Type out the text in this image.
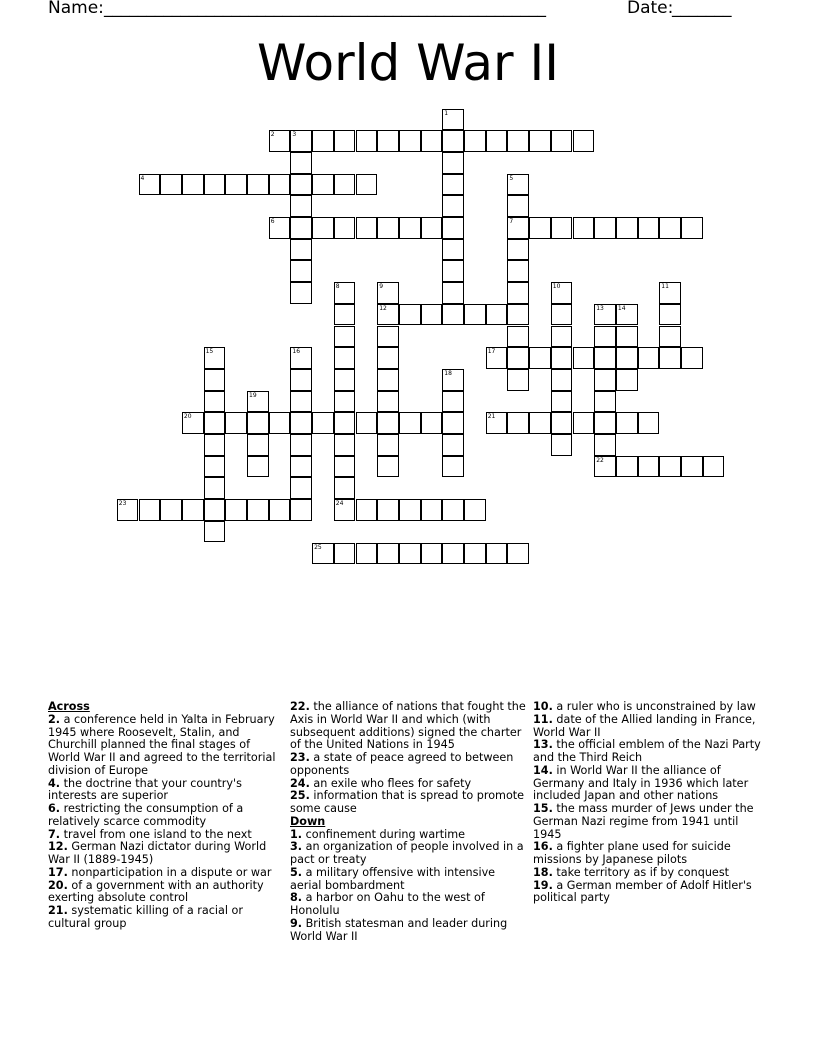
Name: ____________________________________________________	Date:
_______
World War II
1
2	3
4	5
6	7
8	9	10	11
12	13 14
15	16	17
18
19
20	21
22
23	24
25
Across
2. a conference held in Yalta in February 1945 where Roosevelt, Stalin, and Churchill planned the final stages of World War II and agreed to the territorial division of Europe
4. the doctrine that your country's interests are superior
6. restricting the consumption of a relatively scarce commodity
7. travel from one island to the next
12. German Nazi dictator during World War II (1889-1945)
17. nonparticipation in a dispute or war
20. of a government with an authority exerting absolute control
21. systematic killing of a racial or cultural group
22. the alliance of nations that fought the Axis in World War II and which (with subsequent additions) signed the charter of the United Nations in 1945
23. a state of peace agreed to between opponents
24. an exile who flees for safety
25. information that is spread to promote some cause
Down
1. confinement during wartime
3. an organization of people involved in a pact or treaty
5. a military offensive with intensive aerial bombardment
8. a harbor on Oahu to the west of Honolulu
9. British statesman and leader during World War II
10. a ruler who is unconstrained by law
11. date of the Allied landing in France, World War II
13. the official emblem of the Nazi Party and the Third Reich
14. in World War II the alliance of Germany and Italy in 1936 which later included Japan and other nations
15. the mass murder of Jews under the German Nazi regime from 1941 until 1945
16. a fighter plane used for suicide missions by Japanese pilots
18. take territory as if by conquest
19. a German member of Adolf Hitler's political party
